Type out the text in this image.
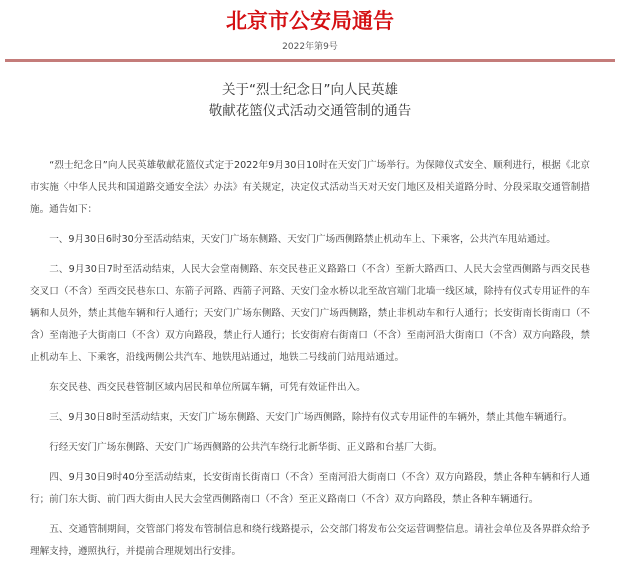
北京市公安局通告
2022年第9号
关于“烈士纪念日”向人民英雄
敬献花篮仪式活动交通管制的通告

“烈士纪念日”向人民英雄敬献花篮仪式定于2022年9月30日10时在天安门广场举行。为保障仪式安全、顺利进行，根据《北京市实施〈中华人民共和国道路交通安全法〉办法》有关规定，决定仪式活动当天对天安门地区及相关道路分时、分段采取交通管制措施。通告如下：

一、9月30日6时30分至活动结束，天安门广场东侧路、天安门广场西侧路禁止机动车上、下乘客，公共汽车甩站通过。

二、9月30日7时至活动结束，人民大会堂南侧路、东交民巷正义路路口（不含）至新大路西口、人民大会堂西侧路与西交民巷交叉口（不含）至西交民巷东口、东箭子河路、西箭子河路、天安门金水桥以北至故宫端门北墙一线区域，除持有仪式专用证件的车辆和人员外，禁止其他车辆和行人通行；天安门广场东侧路、天安门广场西侧路，禁止非机动车和行人通行；长安街南长街南口（不含）至南池子大街南口（不含）双方向路段，禁止行人通行；长安街府右街南口（不含）至南河沿大街南口（不含）双方向路段，禁止机动车上、下乘客，沿线两侧公共汽车、地铁甩站通过，地铁二号线前门站甩站通过。

东交民巷、西交民巷管制区域内居民和单位所属车辆，可凭有效证件出入。

三、9月30日8时至活动结束，天安门广场东侧路、天安门广场西侧路，除持有仪式专用证件的车辆外，禁止其他车辆通行。

行经天安门广场东侧路、天安门广场西侧路的公共汽车绕行北新华街、正义路和台基厂大街。

四、9月30日9时40分至活动结束，长安街南长街南口（不含）至南河沿大街南口（不含）双方向路段，禁止各种车辆和行人通行；前门东大街、前门西大街由人民大会堂西侧路南口（不含）至正义路南口（不含）双方向路段，禁止各种车辆通行。

五、交通管制期间，交管部门将发布管制信息和绕行线路提示，公交部门将发布公交运营调整信息。请社会单位及各界群众给予理解支持，遵照执行，并提前合理规划出行安排。
